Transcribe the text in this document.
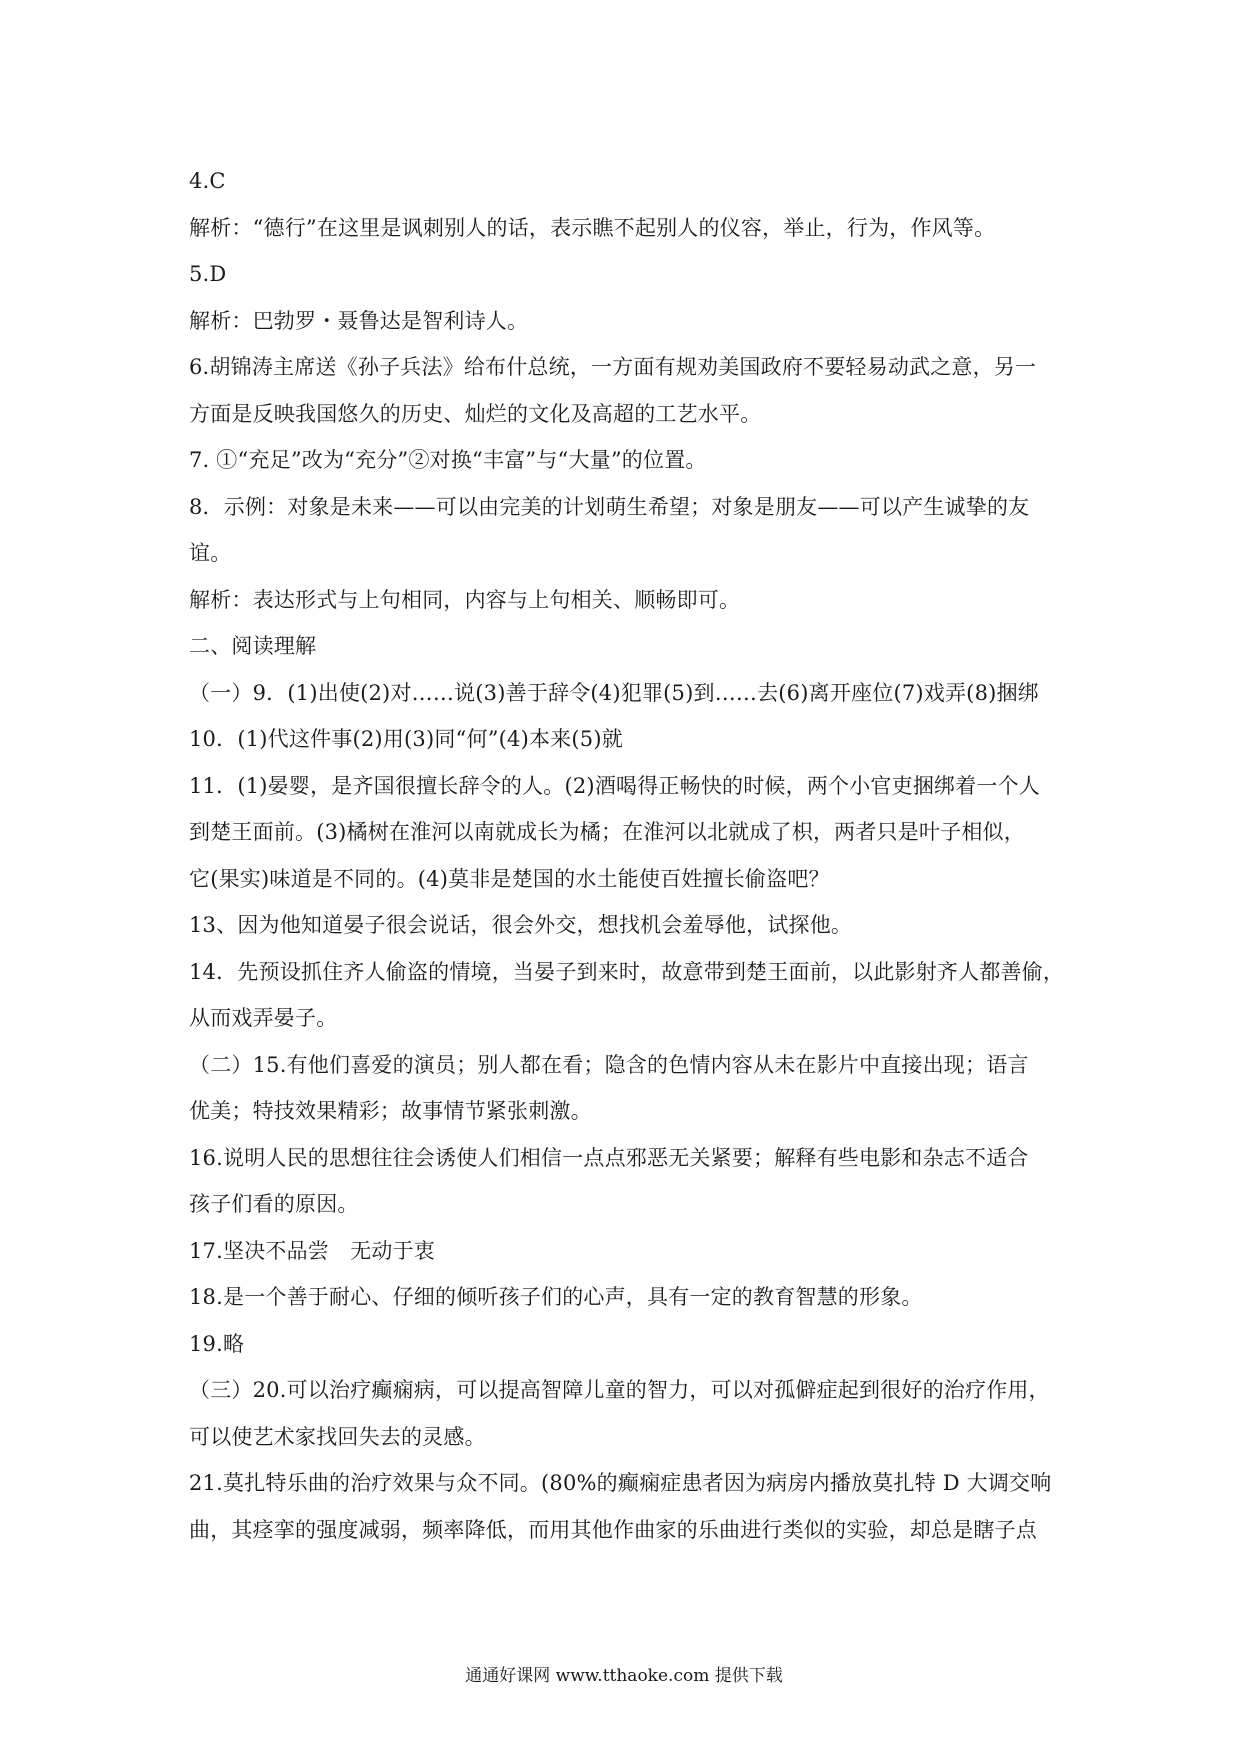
4.C
解析：“德行”在这里是讽刺别人的话，表示瞧不起别人的仪容，举止，行为，作风等。
5.D
解析：巴勃罗・聂鲁达是智利诗人。
6.胡锦涛主席送《孙子兵法》给布什总统，一方面有规劝美国政府不要轻易动武之意，另一
方面是反映我国悠久的历史、灿烂的文化及高超的工艺水平。
7. ①“充足”改为“充分”②对换“丰富”与“大量”的位置。
8．示例：对象是未来——可以由完美的计划萌生希望；对象是朋友——可以产生诚挚的友
谊。
解析：表达形式与上句相同，内容与上句相关、顺畅即可。
二、阅读理解
（一）9．(1)出使(2)对……说(3)善于辞令(4)犯罪(5)到……去(6)离开座位(7)戏弄(8)捆绑
10．(1)代这件事(2)用(3)同“何”(4)本来(5)就
11．(1)晏婴，是齐国很擅长辞令的人。(2)酒喝得正畅快的时候，两个小官吏捆绑着一个人
到楚王面前。(3)橘树在淮河以南就成长为橘；在淮河以北就成了枳，两者只是叶子相似，
它(果实)味道是不同的。(4)莫非是楚国的水土能使百姓擅长偷盗吧？
13、因为他知道晏子很会说话，很会外交，想找机会羞辱他，试探他。
14．先预设抓住齐人偷盗的情境，当晏子到来时，故意带到楚王面前，以此影射齐人都善偷，
从而戏弄晏子。
（二）15.有他们喜爱的演员；别人都在看；隐含的色情内容从未在影片中直接出现；语言
优美；特技效果精彩；故事情节紧张刺激。
16.说明人民的思想往往会诱使人们相信一点点邪恶无关紧要；解释有些电影和杂志不适合
孩子们看的原因。
17.坚决不品尝　无动于衷
18.是一个善于耐心、仔细的倾听孩子们的心声，具有一定的教育智慧的形象。
19.略
（三）20.可以治疗癫痫病，可以提高智障儿童的智力，可以对孤僻症起到很好的治疗作用，
可以使艺术家找回失去的灵感。
21.莫扎特乐曲的治疗效果与众不同。(80%的癫痫症患者因为病房内播放莫扎特 D 大调交响
曲，其痉挛的强度减弱，频率降低，而用其他作曲家的乐曲进行类似的实验，却总是瞎子点
通通好课网 www.tthaoke.com 提供下载
